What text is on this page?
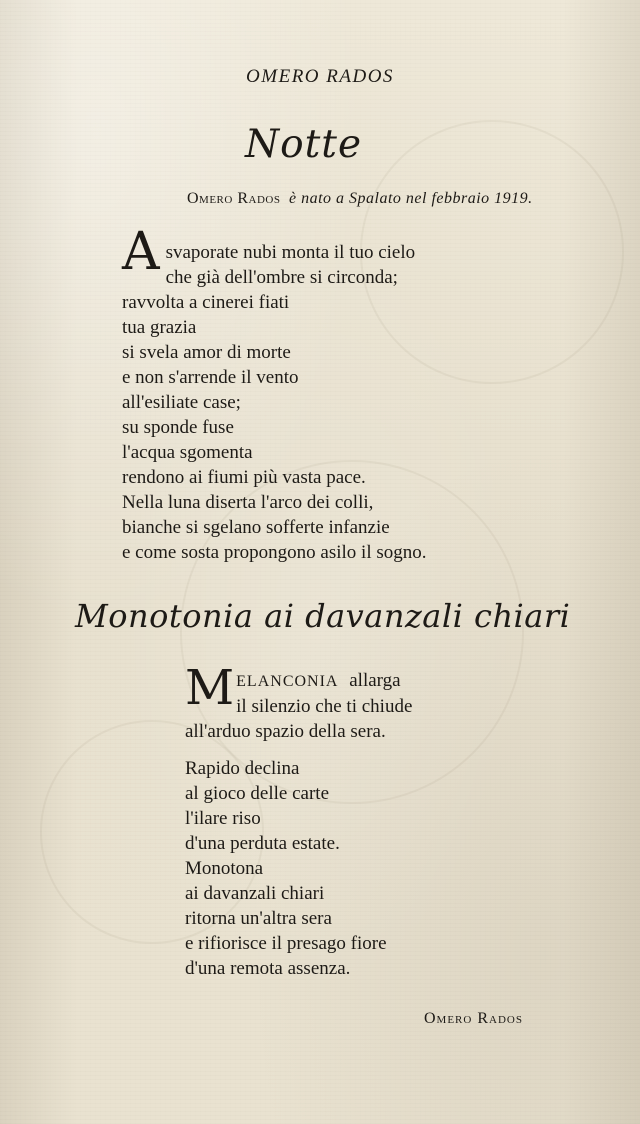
OMERO RADOS
Notte
Omero Rados è nato a Spalato nel febbraio 1919.
A svaporate nubi monta il tuo cielo
che già dell'ombre si circonda;
ravvolta a cinerei fiati
tua grazia
si svela amor di morte
e non s'arrende il vento
all'esiliate case;
su sponde fuse
l'acqua sgomenta
rendono ai fiumi più vasta pace.
Nella luna diserta l'arco dei colli,
bianche si sgelano sofferte infanzie
e come sosta propongono asilo il sogno.
Monotonia ai davanzali chiari
M ELANCONIA allarga
il silenzio che ti chiude
all'arduo spazio della sera.
Rapido declina
al gioco delle carte
l'ilare riso
d'una perduta estate.
Monotona
ai davanzali chiari
ritorna un'altra sera
e rifiorisce il presago fiore
d'una remota assenza.
Omero Rados
